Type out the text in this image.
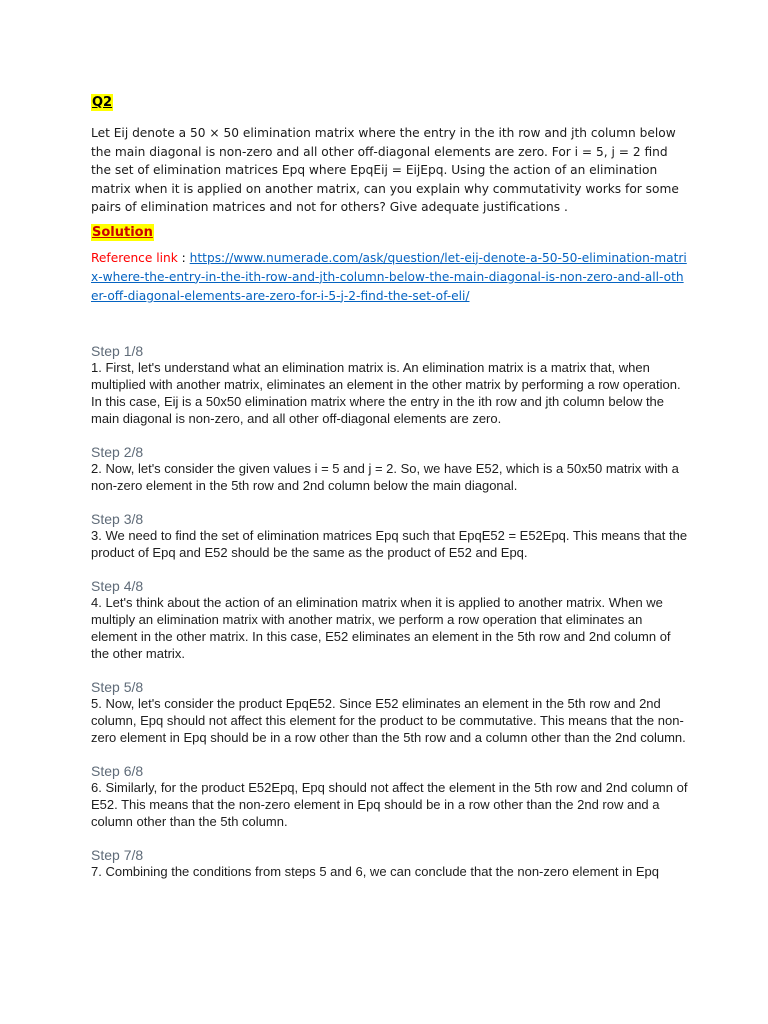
Q2
Let Eij denote a 50 × 50 elimination matrix where the entry in the ith row and jth column below the main diagonal is non-zero and all other off-diagonal elements are zero. For i = 5, j = 2 find the set of elimination matrices Epq where EpqEij = EijEpq. Using the action of an elimination matrix when it is applied on another matrix, can you explain why commutativity works for some pairs of elimination matrices and not for others? Give adequate justifications .
Solution
Reference link : https://www.numerade.com/ask/question/let-eij-denote-a-50-50-elimination-matrix-where-the-entry-in-the-ith-row-and-jth-column-below-the-main-diagonal-is-non-zero-and-all-other-off-diagonal-elements-are-zero-for-i-5-j-2-find-the-set-of-eli/
Step 1/8
1. First, let's understand what an elimination matrix is. An elimination matrix is a matrix that, when multiplied with another matrix, eliminates an element in the other matrix by performing a row operation. In this case, Eij is a 50x50 elimination matrix where the entry in the ith row and jth column below the main diagonal is non-zero, and all other off-diagonal elements are zero.
Step 2/8
2. Now, let's consider the given values i = 5 and j = 2. So, we have E52, which is a 50x50 matrix with a non-zero element in the 5th row and 2nd column below the main diagonal.
Step 3/8
3. We need to find the set of elimination matrices Epq such that EpqE52 = E52Epq. This means that the product of Epq and E52 should be the same as the product of E52 and Epq.
Step 4/8
4. Let's think about the action of an elimination matrix when it is applied to another matrix. When we multiply an elimination matrix with another matrix, we perform a row operation that eliminates an element in the other matrix. In this case, E52 eliminates an element in the 5th row and 2nd column of the other matrix.
Step 5/8
5. Now, let's consider the product EpqE52. Since E52 eliminates an element in the 5th row and 2nd column, Epq should not affect this element for the product to be commutative. This means that the non-zero element in Epq should be in a row other than the 5th row and a column other than the 2nd column.
Step 6/8
6. Similarly, for the product E52Epq, Epq should not affect the element in the 5th row and 2nd column of E52. This means that the non-zero element in Epq should be in a row other than the 2nd row and a column other than the 5th column.
Step 7/8
7. Combining the conditions from steps 5 and 6, we can conclude that the non-zero element in Epq
